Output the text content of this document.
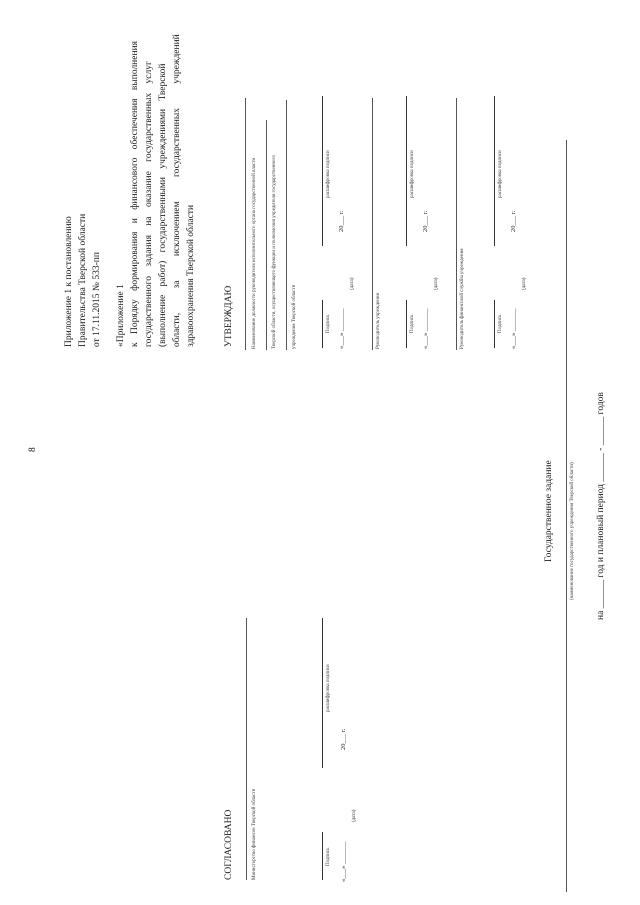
8
Приложение 1 к постановлению Правительства Тверской области от 17.11.2015 № 533-пп «Приложение 1 к Порядку формирования и финансового обеспечения выполнения государственного задания на оказание государственных услуг (выполнение работ) государственными учреждениями Тверской области, за исключением государственных учреждений здравоохранения Тверской области	УТВЕРЖДАЮ	Наименование должности руководителя исполнительного органа государственной власти	Тверской области, осуществляющего функции и полномочия учредителя государственного	учреждения Тверской области	Подпись
расшифровка подписи
«___» _______
20___ г.
(дата)
Руководитель учреждения	Подпись
расшифровка подписи
«___» _______
20___ г.
(дата)	Руководитель финансовой службы учреждения	Подпись
расшифровка подписи
«___» _______
20___ г.
(дата)
СОГЛАСОВАНО	Министерство финансов Тверской области	Подпись
расшифровка подписи
«___» _______
20___ г.
(дата)
Государственное задание	(наименование государственного учреждения Тверской области) на ______ год и плановый период ______ - ______ годов
